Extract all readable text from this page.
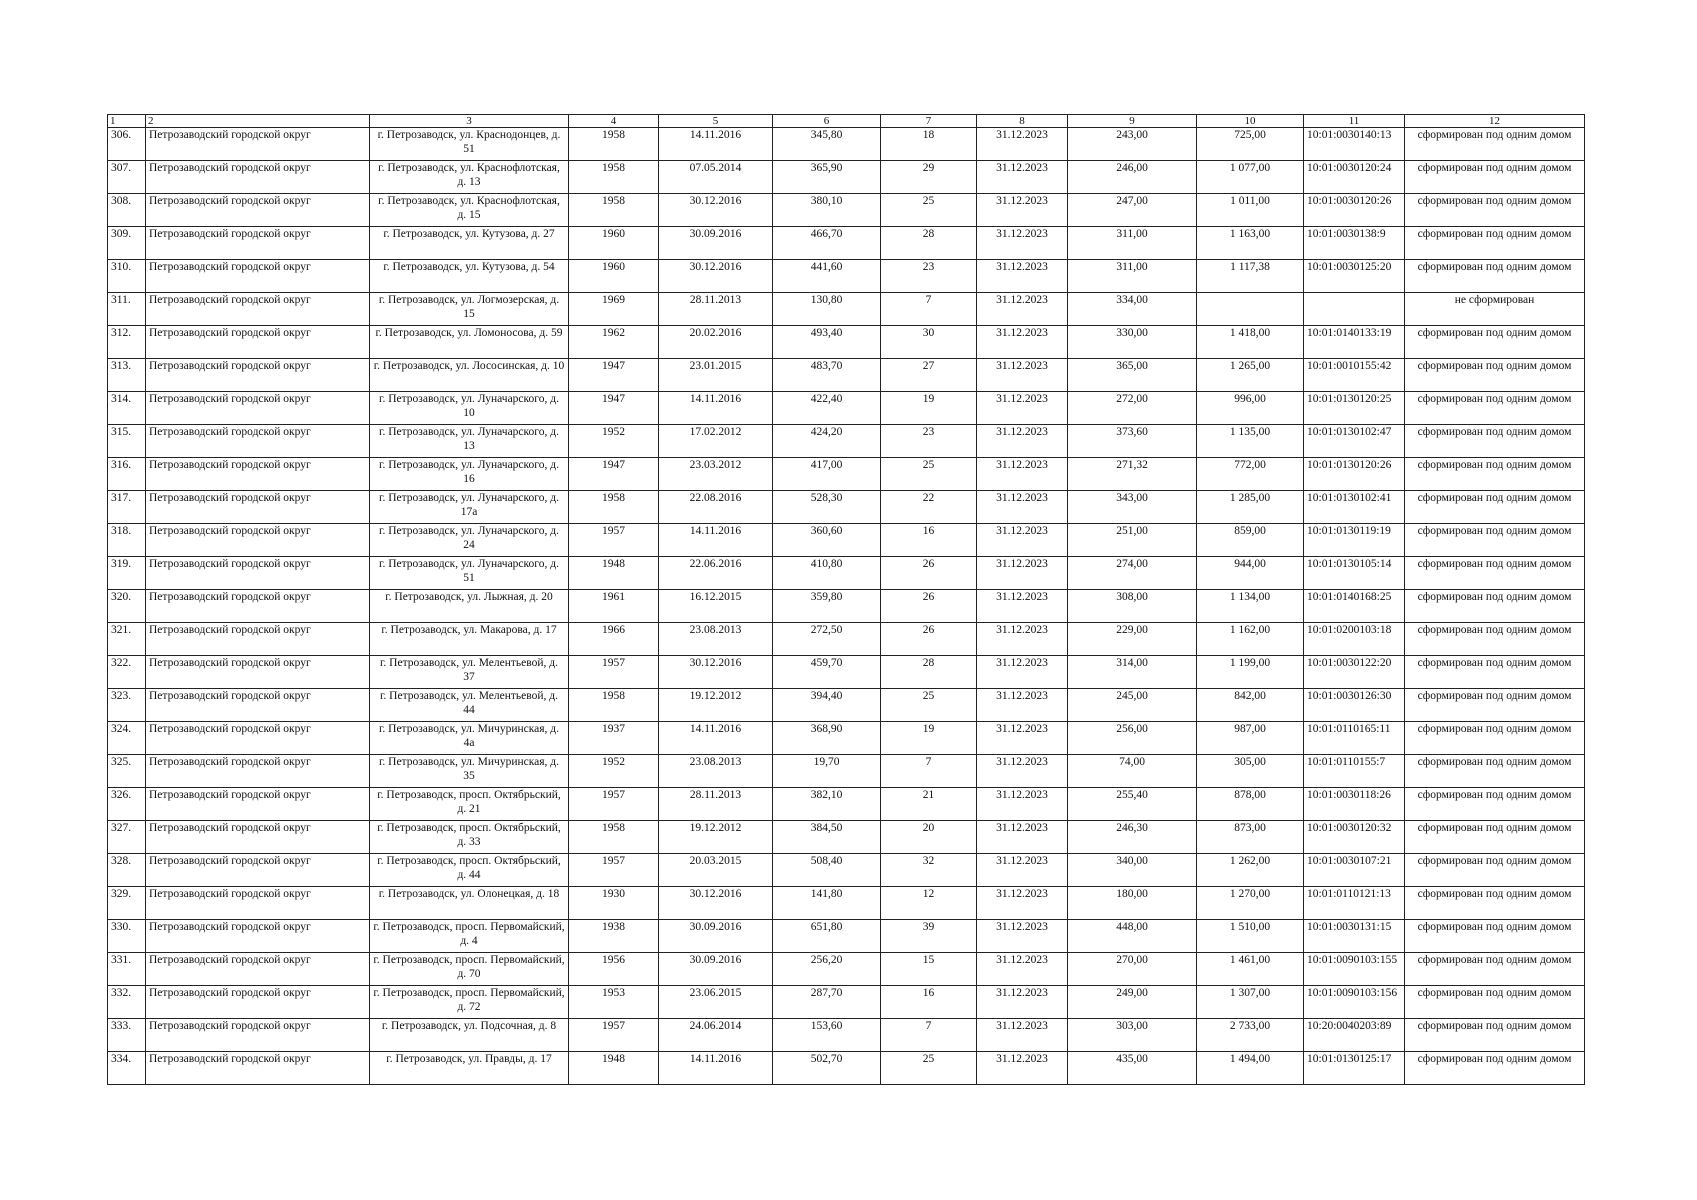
1	2	3	4	5	6	7	8	9	10	11	12
306.	Петрозаводский городской округ	г. Петрозаводск, ул. Краснодонцев, д. 51	1958	14.11.2016	345,80	18	31.12.2023	243,00	725,00	10:01:0030140:13	сформирован под одним домом
307.	Петрозаводский городской округ	г. Петрозаводск, ул. Краснофлотская, д. 13	1958	07.05.2014	365,90	29	31.12.2023	246,00	1 077,00	10:01:0030120:24	сформирован под одним домом
308.	Петрозаводский городской округ	г. Петрозаводск, ул. Краснофлотская, д. 15	1958	30.12.2016	380,10	25	31.12.2023	247,00	1 011,00	10:01:0030120:26	сформирован под одним домом
309.	Петрозаводский городской округ	г. Петрозаводск, ул. Кутузова, д. 27	1960	30.09.2016	466,70	28	31.12.2023	311,00	1 163,00	10:01:0030138:9	сформирован под одним домом
310.	Петрозаводский городской округ	г. Петрозаводск, ул. Кутузова, д. 54	1960	30.12.2016	441,60	23	31.12.2023	311,00	1 117,38	10:01:0030125:20	сформирован под одним домом
311.	Петрозаводский городской округ	г. Петрозаводск, ул. Логмозерская, д. 15	1969	28.11.2013	130,80	7	31.12.2023	334,00			не сформирован
312.	Петрозаводский городской округ	г. Петрозаводск, ул. Ломоносова, д. 59	1962	20.02.2016	493,40	30	31.12.2023	330,00	1 418,00	10:01:0140133:19	сформирован под одним домом
313.	Петрозаводский городской округ	г. Петрозаводск, ул. Лососинская, д. 10	1947	23.01.2015	483,70	27	31.12.2023	365,00	1 265,00	10:01:0010155:42	сформирован под одним домом
314.	Петрозаводский городской округ	г. Петрозаводск, ул. Луначарского, д. 10	1947	14.11.2016	422,40	19	31.12.2023	272,00	996,00	10:01:0130120:25	сформирован под одним домом
315.	Петрозаводский городской округ	г. Петрозаводск, ул. Луначарского, д. 13	1952	17.02.2012	424,20	23	31.12.2023	373,60	1 135,00	10:01:0130102:47	сформирован под одним домом
316.	Петрозаводский городской округ	г. Петрозаводск, ул. Луначарского, д. 16	1947	23.03.2012	417,00	25	31.12.2023	271,32	772,00	10:01:0130120:26	сформирован под одним домом
317.	Петрозаводский городской округ	г. Петрозаводск, ул. Луначарского, д. 17а	1958	22.08.2016	528,30	22	31.12.2023	343,00	1 285,00	10:01:0130102:41	сформирован под одним домом
318.	Петрозаводский городской округ	г. Петрозаводск, ул. Луначарского, д. 24	1957	14.11.2016	360,60	16	31.12.2023	251,00	859,00	10:01:0130119:19	сформирован под одним домом
319.	Петрозаводский городской округ	г. Петрозаводск, ул. Луначарского, д. 51	1948	22.06.2016	410,80	26	31.12.2023	274,00	944,00	10:01:0130105:14	сформирован под одним домом
320.	Петрозаводский городской округ	г. Петрозаводск, ул. Лыжная, д. 20	1961	16.12.2015	359,80	26	31.12.2023	308,00	1 134,00	10:01:0140168:25	сформирован под одним домом
321.	Петрозаводский городской округ	г. Петрозаводск, ул. Макарова, д. 17	1966	23.08.2013	272,50	26	31.12.2023	229,00	1 162,00	10:01:0200103:18	сформирован под одним домом
322.	Петрозаводский городской округ	г. Петрозаводск, ул. Мелентьевой, д. 37	1957	30.12.2016	459,70	28	31.12.2023	314,00	1 199,00	10:01:0030122:20	сформирован под одним домом
323.	Петрозаводский городской округ	г. Петрозаводск, ул. Мелентьевой, д. 44	1958	19.12.2012	394,40	25	31.12.2023	245,00	842,00	10:01:0030126:30	сформирован под одним домом
324.	Петрозаводский городской округ	г. Петрозаводск, ул. Мичуринская, д. 4а	1937	14.11.2016	368,90	19	31.12.2023	256,00	987,00	10:01:0110165:11	сформирован под одним домом
325.	Петрозаводский городской округ	г. Петрозаводск, ул. Мичуринская, д. 35	1952	23.08.2013	19,70	7	31.12.2023	74,00	305,00	10:01:0110155:7	сформирован под одним домом
326.	Петрозаводский городской округ	г. Петрозаводск, просп. Октябрьский, д. 21	1957	28.11.2013	382,10	21	31.12.2023	255,40	878,00	10:01:0030118:26	сформирован под одним домом
327.	Петрозаводский городской округ	г. Петрозаводск, просп. Октябрьский, д. 33	1958	19.12.2012	384,50	20	31.12.2023	246,30	873,00	10:01:0030120:32	сформирован под одним домом
328.	Петрозаводский городской округ	г. Петрозаводск, просп. Октябрьский, д. 44	1957	20.03.2015	508,40	32	31.12.2023	340,00	1 262,00	10:01:0030107:21	сформирован под одним домом
329.	Петрозаводский городской округ	г. Петрозаводск, ул. Олонецкая, д. 18	1930	30.12.2016	141,80	12	31.12.2023	180,00	1 270,00	10:01:0110121:13	сформирован под одним домом
330.	Петрозаводский городской округ	г. Петрозаводск, просп. Первомайский, д. 4	1938	30.09.2016	651,80	39	31.12.2023	448,00	1 510,00	10:01:0030131:15	сформирован под одним домом
331.	Петрозаводский городской округ	г. Петрозаводск, просп. Первомайский, д. 70	1956	30.09.2016	256,20	15	31.12.2023	270,00	1 461,00	10:01:0090103:155	сформирован под одним домом
332.	Петрозаводский городской округ	г. Петрозаводск, просп. Первомайский, д. 72	1953	23.06.2015	287,70	16	31.12.2023	249,00	1 307,00	10:01:0090103:156	сформирован под одним домом
333.	Петрозаводский городской округ	г. Петрозаводск, ул. Подсочная, д. 8	1957	24.06.2014	153,60	7	31.12.2023	303,00	2 733,00	10:20:0040203:89	сформирован под одним домом
334.	Петрозаводский городской округ	г. Петрозаводск, ул. Правды, д. 17	1948	14.11.2016	502,70	25	31.12.2023	435,00	1 494,00	10:01:0130125:17	сформирован под одним домом
